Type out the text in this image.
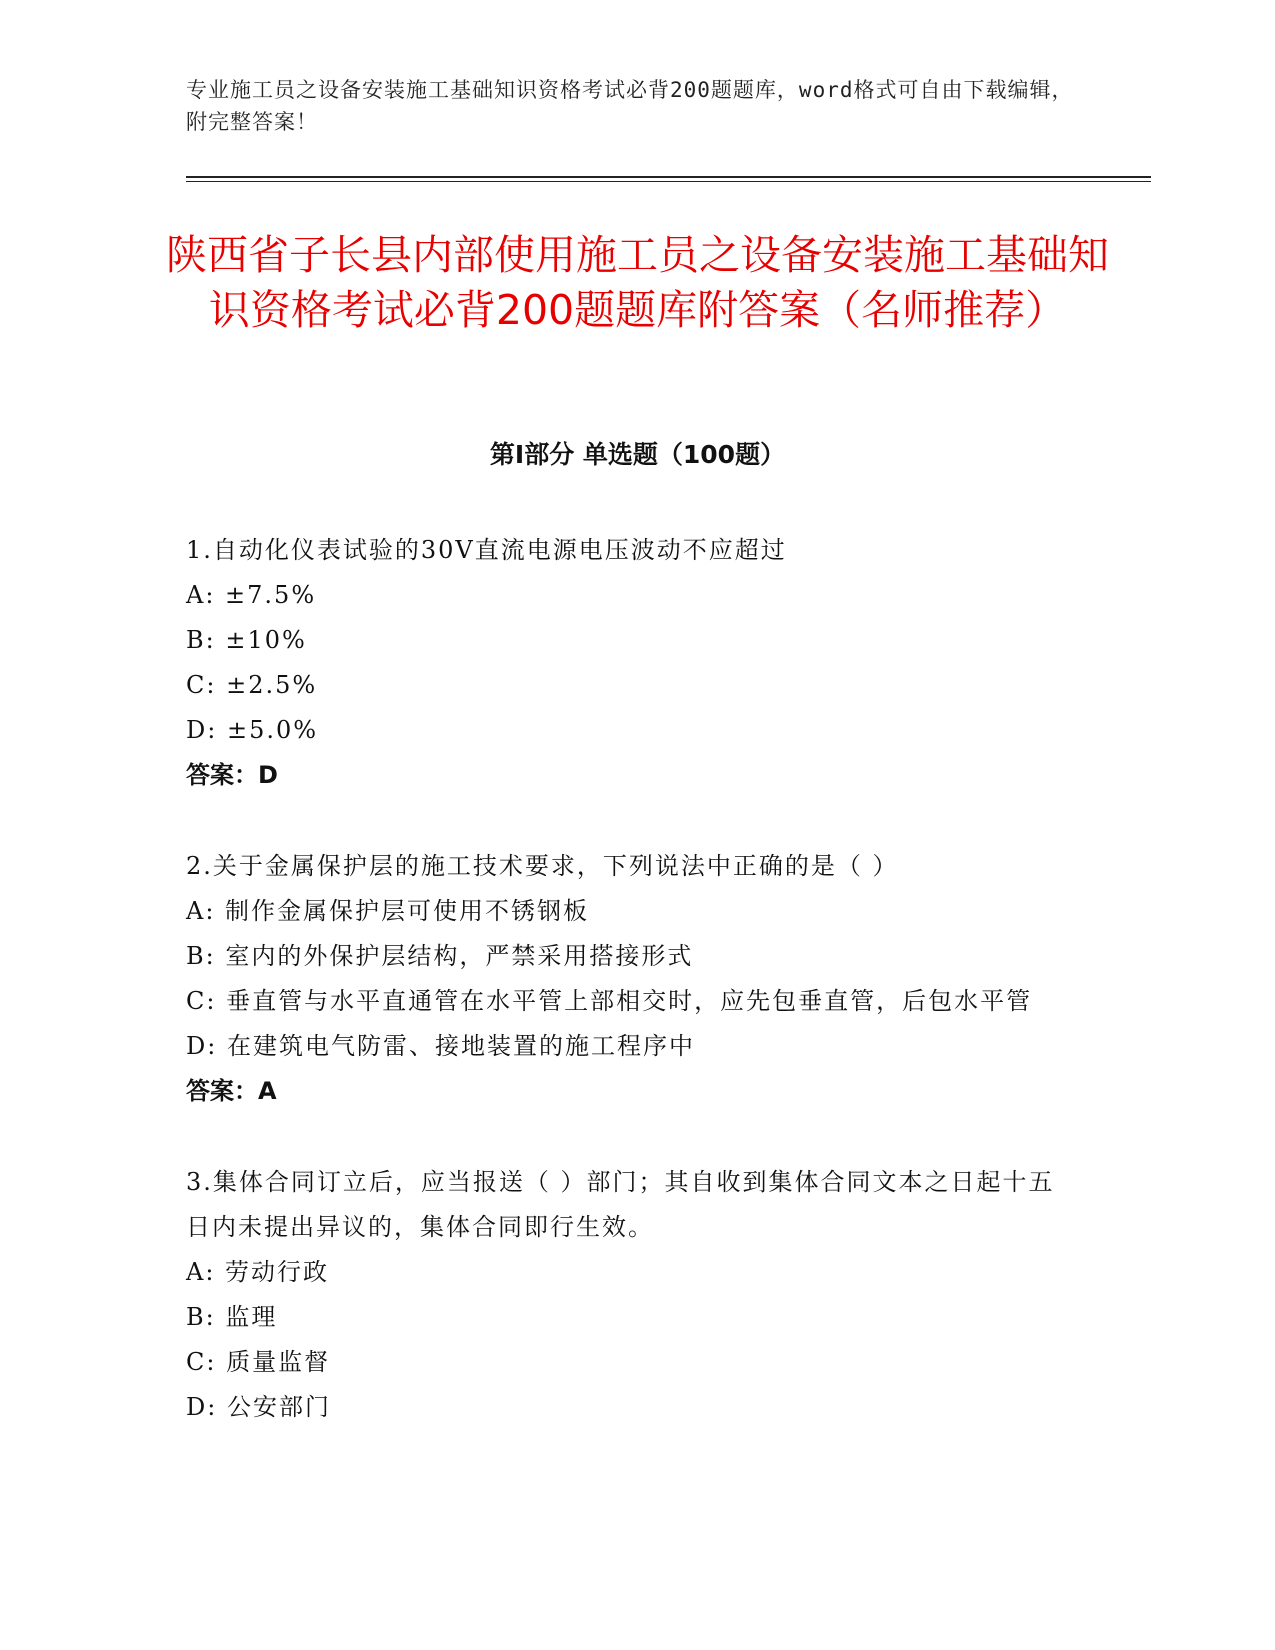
专业施工员之设备安装施工基础知识资格考试必背200题题库，word格式可自由下载编辑，附完整答案！
陕西省子长县内部使用施工员之设备安装施工基础知识资格考试必背200题题库附答案（名师推荐）
第Ⅰ部分 单选题（100题）
1.自动化仪表试验的30V直流电源电压波动不应超过
A: ±7.5%
B: ±10%
C: ±2.5%
D: ±5.0%
答案：D
2.关于金属保护层的施工技术要求，下列说法中正确的是（ ）
A: 制作金属保护层可使用不锈钢板
B: 室内的外保护层结构，严禁采用搭接形式
C: 垂直管与水平直通管在水平管上部相交时，应先包垂直管，后包水平管
D: 在建筑电气防雷、接地装置的施工程序中
答案：A
3.集体合同订立后，应当报送（ ）部门；其自收到集体合同文本之日起十五日内未提出异议的，集体合同即行生效。
A: 劳动行政
B: 监理
C: 质量监督
D: 公安部门
